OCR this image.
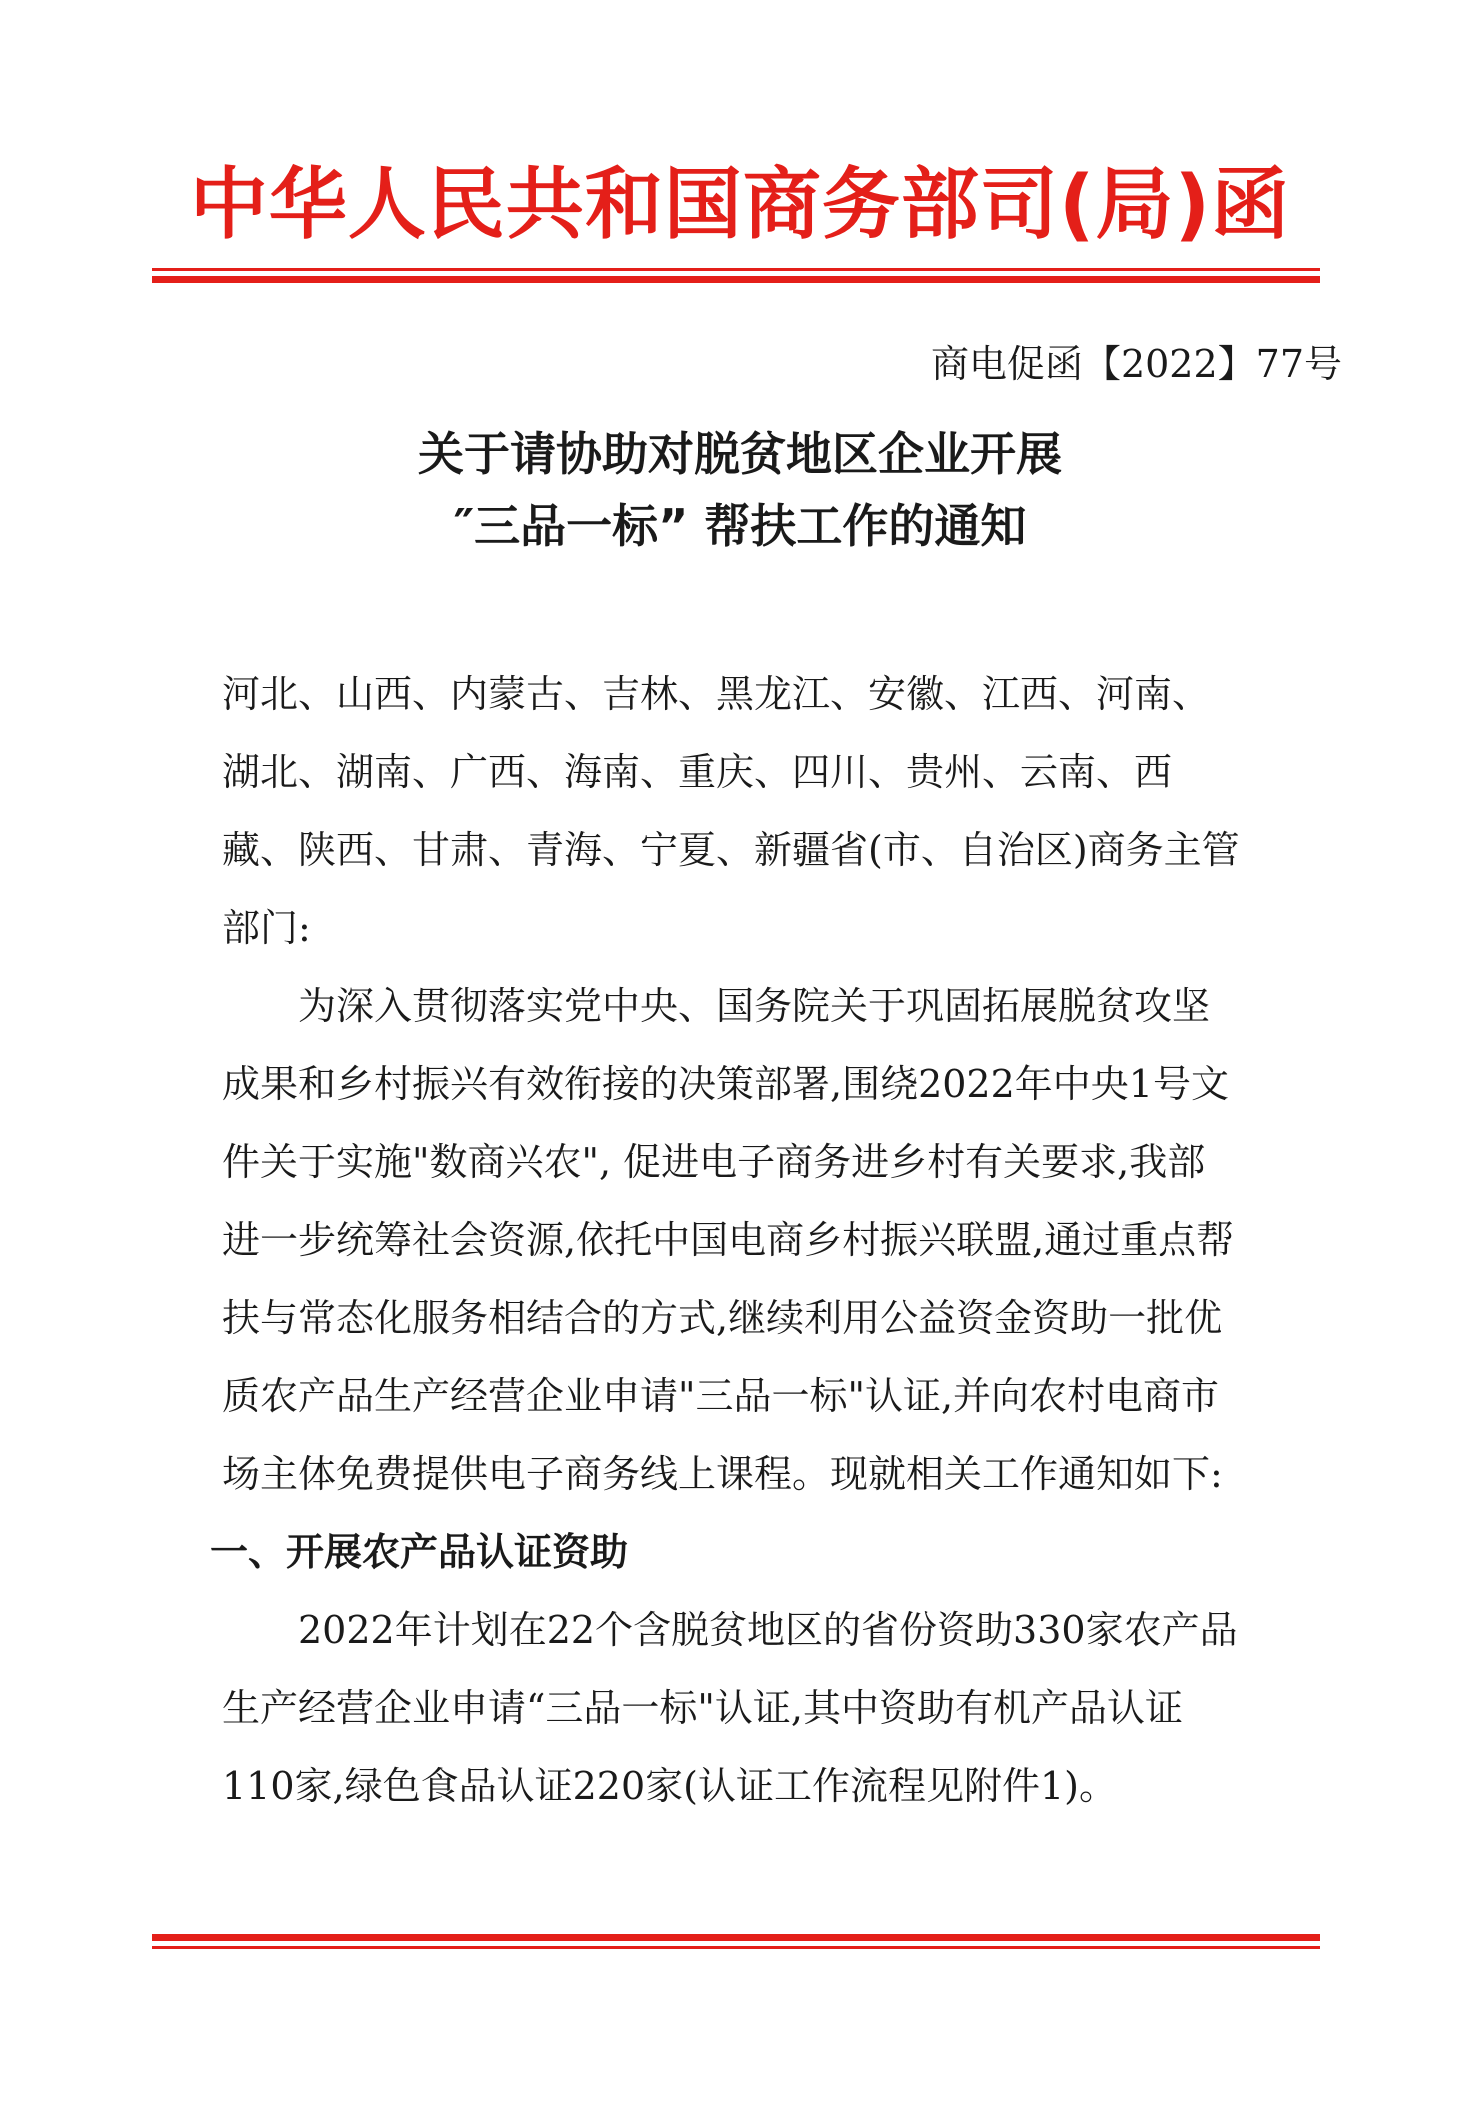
中华人民共和国商务部司(局)函
商电促函【2022】77号
关于请协助对脱贫地区企业开展
″三品一标” 帮扶工作的通知

河北、山西、内蒙古、吉林、黑龙江、安徽、江西、河南、湖北、湖南、广西、海南、重庆、四川、贵州、云南、西藏、陕西、甘肃、青海、宁夏、新疆省(市、自治区)商务主管部门:

为深入贯彻落实党中央、国务院关于巩固拓展脱贫攻坚成果和乡村振兴有效衔接的决策部署,围绕2022年中央1号文件关于实施"数商兴农", 促进电子商务进乡村有关要求,我部进一步统筹社会资源,依托中国电商乡村振兴联盟,通过重点帮扶与常态化服务相结合的方式,继续利用公益资金资助一批优质农产品生产经营企业申请"三品一标"认证,并向农村电商市场主体免费提供电子商务线上课程。现就相关工作通知如下:

一、开展农产品认证资助

2022年计划在22个含脱贫地区的省份资助330家农产品生产经营企业申请“三品一标"认证,其中资助有机产品认证110家,绿色食品认证220家(认证工作流程见附件1)。
